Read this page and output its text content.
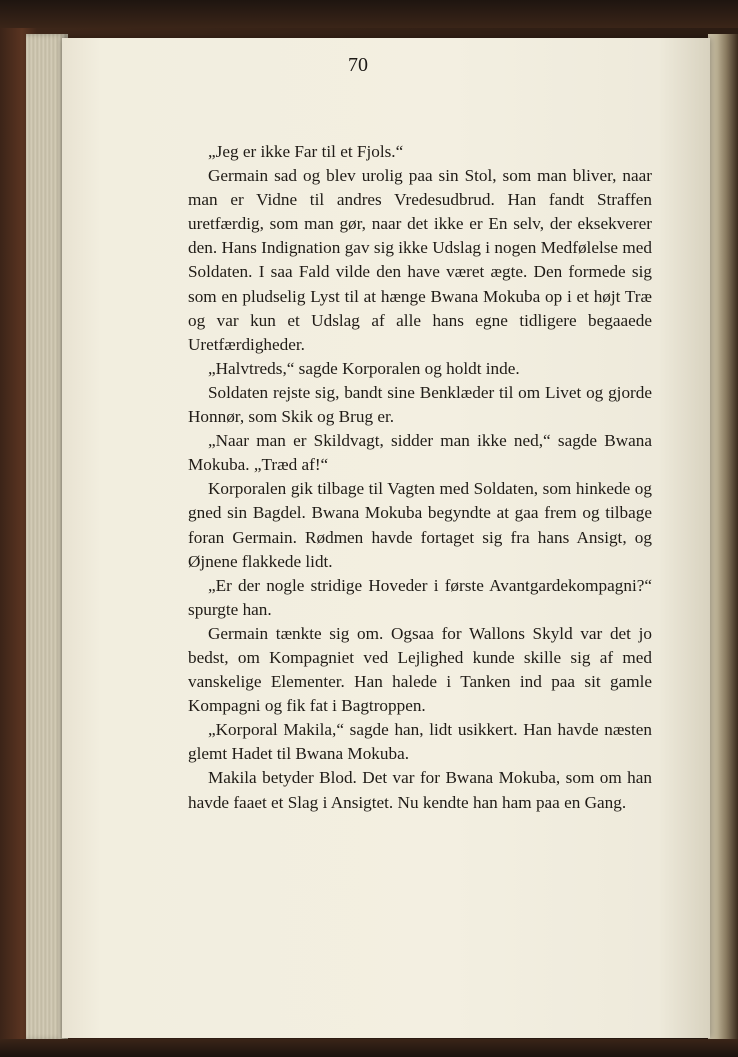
70

„Jeg er ikke Far til et Fjols.“

Germain sad og blev urolig paa sin Stol, som man bliver, naar man er Vidne til andres Vredesudbrud. Han fandt Straffen uretfærdig, som man gør, naar det ikke er En selv, der eksekverer den. Hans Indignation gav sig ikke Udslag i nogen Medfølelse med Soldaten. I saa Fald vilde den have været ægte. Den formede sig som en pludselig Lyst til at hænge Bwana Mokuba op i et højt Træ og var kun et Udslag af alle hans egne tidligere begaaede Uretfærdigheder.

„Halvtreds,“ sagde Korporalen og holdt inde.

Soldaten rejste sig, bandt sine Benklæder til om Livet og gjorde Honnør, som Skik og Brug er.

„Naar man er Skildvagt, sidder man ikke ned,“ sagde Bwana Mokuba. „Træd af!“

Korporalen gik tilbage til Vagten med Soldaten, som hinkede og gned sin Bagdel. Bwana Mokuba begyndte at gaa frem og tilbage foran Germain. Rødmen havde fortaget sig fra hans Ansigt, og Øjnene flakkede lidt.

„Er der nogle stridige Hoveder i første Avantgardekompagni?“ spurgte han.

Germain tænkte sig om. Ogsaa for Wallons Skyld var det jo bedst, om Kompagniet ved Lejlighed kunde skille sig af med vanskelige Elementer. Han halede i Tanken ind paa sit gamle Kompagni og fik fat i Bagtroppen.

„Korporal Makila,“ sagde han, lidt usikkert. Han havde næsten glemt Hadet til Bwana Mokuba.

Makila betyder Blod. Det var for Bwana Mokuba, som om han havde faaet et Slag i Ansigtet. Nu kendte han ham paa en Gang.
